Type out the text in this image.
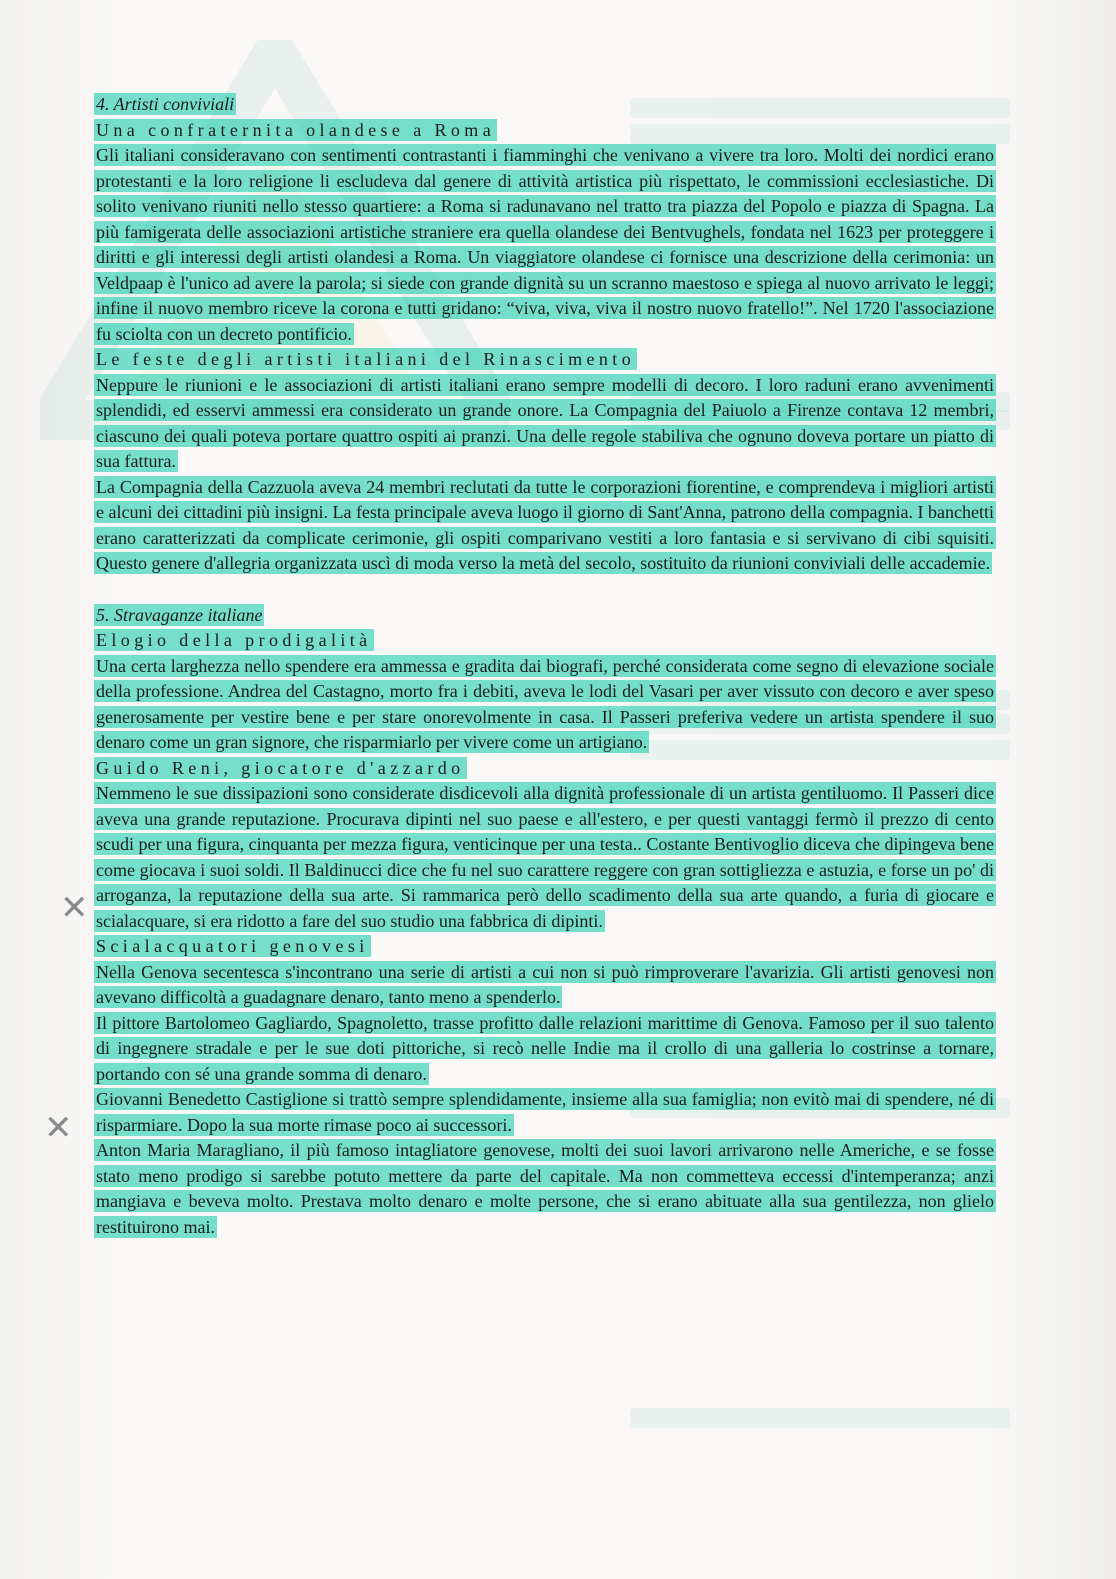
✕
✕
4. Artisti conviviali
Una confraternita olandese a Roma

Gli italiani consideravano con sentimenti contrastanti i fiamminghi che venivano a vivere tra loro. Molti dei nordici erano protestanti e la loro religione li escludeva dal genere di attività artistica più rispettato, le commissioni ecclesiastiche. Di solito venivano riuniti nello stesso quartiere: a Roma si radunavano nel tratto tra piazza del Popolo e piazza di Spagna. La più famigerata delle associazioni artistiche straniere era quella olandese dei Bentvughels, fondata nel 1623 per proteggere i diritti e gli interessi degli artisti olandesi a Roma. Un viaggiatore olandese ci fornisce una descrizione della cerimonia: un Veldpaap è l'unico ad avere la parola; si siede con grande dignità su un scranno maestoso e spiega al nuovo arrivato le leggi; infine il nuovo membro riceve la corona e tutti gridano: “viva, viva, viva il nostro nuovo fratello!”. Nel 1720 l'associazione fu sciolta con un decreto pontificio.

Le feste degli artisti italiani del Rinascimento

Neppure le riunioni e le associazioni di artisti italiani erano sempre modelli di decoro. I loro raduni erano avvenimenti splendidi, ed esservi ammessi era considerato un grande onore. La Compagnia del Paiuolo a Firenze contava 12 membri, ciascuno dei quali poteva portare quattro ospiti ai pranzi. Una delle regole stabiliva che ognuno doveva portare un piatto di sua fattura.

La Compagnia della Cazzuola aveva 24 membri reclutati da tutte le corporazioni fiorentine, e comprendeva i migliori artisti e alcuni dei cittadini più insigni. La festa principale aveva luogo il giorno di Sant'Anna, patrono della compagnia. I banchetti erano caratterizzati da complicate cerimonie, gli ospiti comparivano vestiti a loro fantasia e si servivano di cibi squisiti. Questo genere d'allegria organizzata uscì di moda verso la metà del secolo, sostituito da riunioni conviviali delle accademie.

5. Stravaganze italiane
Elogio della prodigalità

Una certa larghezza nello spendere era ammessa e gradita dai biografi, perché considerata come segno di elevazione sociale della professione. Andrea del Castagno, morto fra i debiti, aveva le lodi del Vasari per aver vissuto con decoro e aver speso generosamente per vestire bene e per stare onorevolmente in casa. Il Passeri preferiva vedere un artista spendere il suo denaro come un gran signore, che risparmiarlo per vivere come un artigiano.

Guido Reni, giocatore d'azzardo

Nemmeno le sue dissipazioni sono considerate disdicevoli alla dignità professionale di un artista gentiluomo. Il Passeri dice aveva una grande reputazione. Procurava dipinti nel suo paese e all'estero, e per questi vantaggi fermò il prezzo di cento scudi per una figura, cinquanta per mezza figura, venticinque per una testa.. Costante Bentivoglio diceva che dipingeva bene come giocava i suoi soldi. Il Baldinucci dice che fu nel suo carattere reggere con gran sottigliezza e astuzia, e forse un po' di arroganza, la reputazione della sua arte. Si rammarica però dello scadimento della sua arte quando, a furia di giocare e scialacquare, si era ridotto a fare del suo studio una fabbrica di dipinti.

Scialacquatori genovesi

Nella Genova secentesca s'incontrano una serie di artisti a cui non si può rimproverare l'avarizia. Gli artisti genovesi non avevano difficoltà a guadagnare denaro, tanto meno a spenderlo.

Il pittore Bartolomeo Gagliardo, Spagnoletto, trasse profitto dalle relazioni marittime di Genova. Famoso per il suo talento di ingegnere stradale e per le sue doti pittoriche, si recò nelle Indie ma il crollo di una galleria lo costrinse a tornare, portando con sé una grande somma di denaro.

Giovanni Benedetto Castiglione si trattò sempre splendidamente, insieme alla sua famiglia; non evitò mai di spendere, né di risparmiare. Dopo la sua morte rimase poco ai successori.

Anton Maria Maragliano, il più famoso intagliatore genovese, molti dei suoi lavori arrivarono nelle Americhe, e se fosse stato meno prodigo si sarebbe potuto mettere da parte del capitale. Ma non commetteva eccessi d'intemperanza; anzi mangiava e beveva molto. Prestava molto denaro e molte persone, che si erano abituate alla sua gentilezza, non glielo restituirono mai.
